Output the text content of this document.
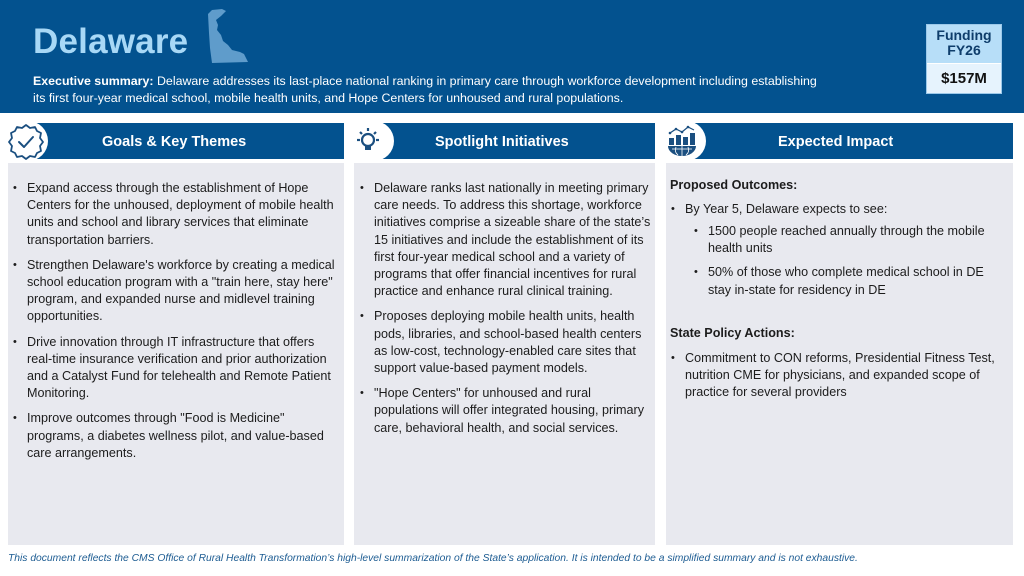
Delaware
Executive summary: Delaware addresses its last-place national ranking in primary care through workforce development including establishing its first four-year medical school, mobile health units, and Hope Centers for unhoused and rural populations.
Funding
FY26
$157M
Goals & Key Themes
• Expand access through the establishment of Hope Centers for the unhoused, deployment of mobile health units and school and library services that eliminate transportation barriers.
• Strengthen Delaware's workforce by creating a medical school education program with a "train here, stay here" program, and expanded nurse and midlevel training opportunities.
• Drive innovation through IT infrastructure that offers real-time insurance verification and prior authorization and a Catalyst Fund for telehealth and Remote Patient Monitoring.
• Improve outcomes through "Food is Medicine" programs, a diabetes wellness pilot, and value-based care arrangements.
Spotlight Initiatives
• Delaware ranks last nationally in meeting primary care needs. To address this shortage, workforce initiatives comprise a sizeable share of the state’s 15 initiatives and include the establishment of its first four-year medical school and a variety of programs that offer financial incentives for rural practice and enhance rural clinical training.
• Proposes deploying mobile health units, health pods, libraries, and school-based health centers as low-cost, technology-enabled care sites that support value-based payment models.
• "Hope Centers" for unhoused and rural populations will offer integrated housing, primary care, behavioral health, and social services.
Expected Impact
Proposed Outcomes:
• By Year 5, Delaware expects to see:
• 1500 people reached annually through the mobile health units
• 50% of those who complete medical school in DE stay in-state for residency in DE
State Policy Actions:
• Commitment to CON reforms, Presidential Fitness Test, nutrition CME for physicians, and expanded scope of practice for several providers
This document reflects the CMS Office of Rural Health Transformation’s high-level summarization of the State’s application. It is intended to be a simplified summary and is not exhaustive.
